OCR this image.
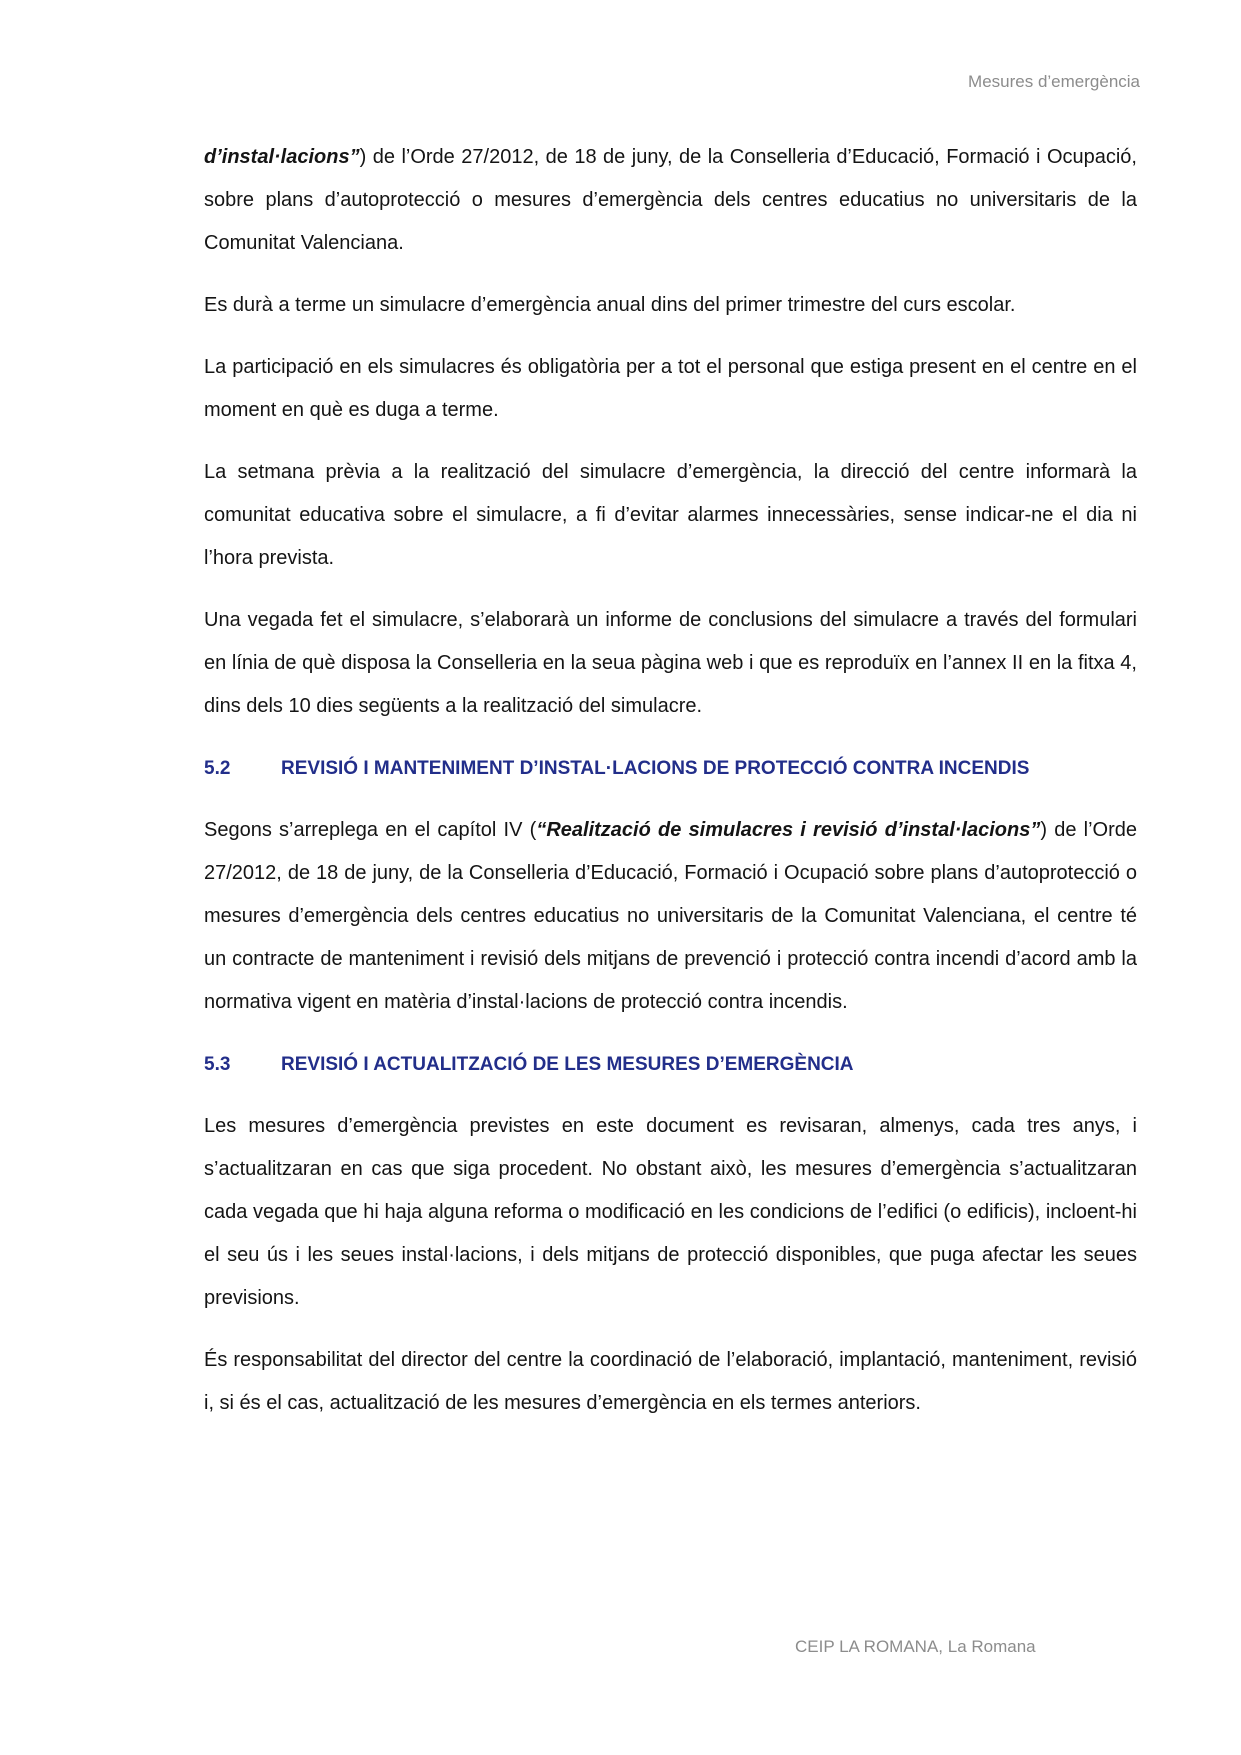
Mesures d’emergència

d’instal·lacions”) de l’Orde 27/2012, de 18 de juny, de la Conselleria d’Educació, Formació i Ocupació, sobre plans d’autoprotecció o mesures d’emergència dels centres educatius no universitaris de la Comunitat Valenciana.

Es durà a terme un simulacre d’emergència anual dins del primer trimestre del curs escolar.

La participació en els simulacres és obligatòria per a tot el personal que estiga present en el centre en el moment en què es duga a terme.

La setmana prèvia a la realització del simulacre d’emergència, la direcció del centre informarà la comunitat educativa sobre el simulacre, a fi d’evitar alarmes innecessàries, sense indicar-ne el dia ni l’hora prevista.

Una vegada fet el simulacre, s’elaborarà un informe de conclusions del simulacre a través del formulari en línia de què disposa la Conselleria en la seua pàgina web i que es reproduïx en l’annex II en la fitxa 4, dins dels 10 dies següents a la realització del simulacre.

5.2	REVISIÓ I MANTENIMENT D’INSTAL·LACIONS DE PROTECCIÓ CONTRA INCENDIS

Segons s’arreplega en el capítol IV (“Realització de simulacres i revisió d’instal·lacions”) de l’Orde 27/2012, de 18 de juny, de la Conselleria d’Educació, Formació i Ocupació sobre plans d’autoprotecció o mesures d’emergència dels centres educatius no universitaris de la Comunitat Valenciana, el centre té un contracte de manteniment i revisió dels mitjans de prevenció i protecció contra incendi d’acord amb la normativa vigent en matèria d’instal·lacions de protecció contra incendis.

5.3	REVISIÓ I ACTUALITZACIÓ DE LES MESURES D’EMERGÈNCIA

Les mesures d’emergència previstes en este document es revisaran, almenys, cada tres anys, i s’actualitzaran en cas que siga procedent. No obstant això, les mesures d’emergència s’actualitzaran cada vegada que hi haja alguna reforma o modificació en les condicions de l’edifici (o edificis), incloent-hi el seu ús i les seues instal·lacions, i dels mitjans de protecció disponibles, que puga afectar les seues previsions.

És responsabilitat del director del centre la coordinació de l’elaboració, implantació, manteniment, revisió i, si és el cas, actualització de les mesures d’emergència en els termes anteriors.

CEIP LA ROMANA, La Romana
